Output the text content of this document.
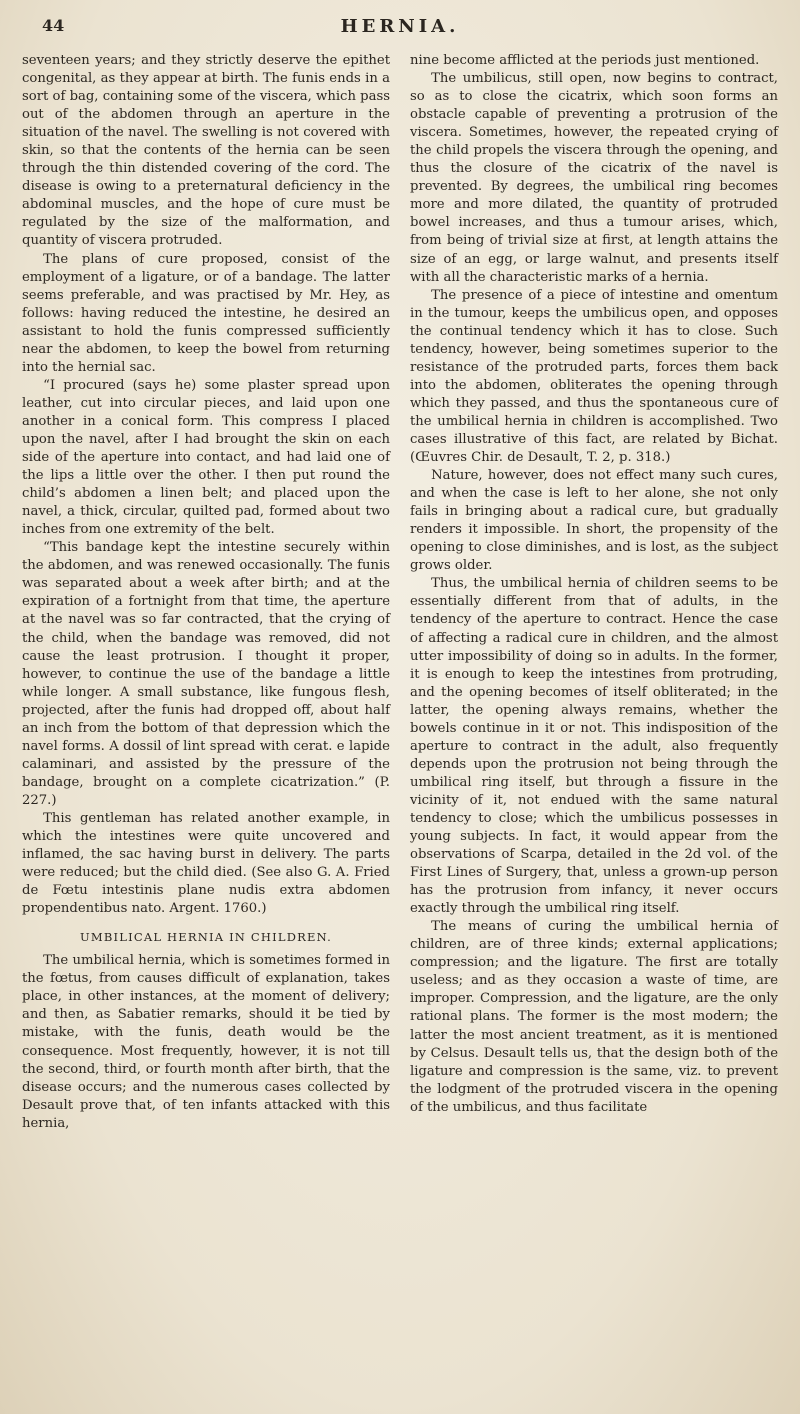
44	HERNIA.

seventeen years; and they strictly deserve the epithet congenital, as they appear at birth. The funis ends in a sort of bag, containing some of the viscera, which pass out of the abdomen through an aperture in the situation of the navel. The swelling is not covered with skin, so that the contents of the hernia can be seen through the thin distended covering of the cord. The disease is owing to a preternatural deficiency in the abdominal muscles, and the hope of cure must be regulated by the size of the malformation, and quantity of viscera protruded.

The plans of cure proposed, consist of the employment of a ligature, or of a bandage. The latter seems preferable, and was practised by Mr. Hey, as follows: having reduced the intestine, he desired an assistant to hold the funis compressed sufficiently near the abdomen, to keep the bowel from returning into the hernial sac.

“I procured (says he) some plaster spread upon leather, cut into circular pieces, and laid upon one another in a conical form. This compress I placed upon the navel, after I had brought the skin on each side of the aperture into contact, and had laid one of the lips a little over the other. I then put round the child’s abdomen a linen belt; and placed upon the navel, a thick, circular, quilted pad, formed about two inches from one extremity of the belt.

“This bandage kept the intestine securely within the abdomen, and was renewed occasionally. The funis was separated about a week after birth; and at the expiration of a fortnight from that time, the aperture at the navel was so far contracted, that the crying of the child, when the bandage was removed, did not cause the least protrusion. I thought it proper, however, to continue the use of the bandage a little while longer. A small substance, like fungous flesh, projected, after the funis had dropped off, about half an inch from the bottom of that depression which the navel forms. A dossil of lint spread with cerat. e lapide calaminari, and assisted by the pressure of the bandage, brought on a complete cicatrization.” (P. 227.)

This gentleman has related another example, in which the intestines were quite uncovered and inflamed, the sac having burst in delivery. The parts were reduced; but the child died. (See also G. A. Fried de Fœtu intestinis plane nudis extra abdomen propendentibus nato. Argent. 1760.)

UMBILICAL HERNIA IN CHILDREN.

The umbilical hernia, which is sometimes formed in the fœtus, from causes difficult of explanation, takes place, in other instances, at the moment of delivery; and then, as Sabatier remarks, should it be tied by mistake, with the funis, death would be the consequence. Most frequently, however, it is not till the second, third, or fourth month after birth, that the disease occurs; and the numerous cases collected by Desault prove that, of ten infants attacked with this hernia,

nine become afflicted at the periods just mentioned.

The umbilicus, still open, now begins to contract, so as to close the cicatrix, which soon forms an obstacle capable of preventing a protrusion of the viscera. Sometimes, however, the repeated crying of the child propels the viscera through the opening, and thus the closure of the cicatrix of the navel is prevented. By degrees, the umbilical ring becomes more and more dilated, the quantity of protruded bowel increases, and thus a tumour arises, which, from being of trivial size at first, at length attains the size of an egg, or large walnut, and presents itself with all the characteristic marks of a hernia.

The presence of a piece of intestine and omentum in the tumour, keeps the umbilicus open, and opposes the continual tendency which it has to close. Such tendency, however, being sometimes superior to the resistance of the protruded parts, forces them back into the abdomen, obliterates the opening through which they passed, and thus the spontaneous cure of the umbilical hernia in children is accomplished. Two cases illustrative of this fact, are related by Bichat. (Œuvres Chir. de Desault, T. 2, p. 318.)

Nature, however, does not effect many such cures, and when the case is left to her alone, she not only fails in bringing about a radical cure, but gradually renders it impossible. In short, the propensity of the opening to close diminishes, and is lost, as the subject grows older.

Thus, the umbilical hernia of children seems to be essentially different from that of adults, in the tendency of the aperture to contract. Hence the case of affecting a radical cure in children, and the almost utter impossibility of doing so in adults. In the former, it is enough to keep the intestines from protruding, and the opening becomes of itself obliterated; in the latter, the opening always remains, whether the bowels continue in it or not. This indisposition of the aperture to contract in the adult, also frequently depends upon the protrusion not being through the umbilical ring itself, but through a fissure in the vicinity of it, not endued with the same natural tendency to close; which the umbilicus possesses in young subjects. In fact, it would appear from the observations of Scarpa, detailed in the 2d vol. of the First Lines of Surgery, that, unless a grown-up person has the protrusion from infancy, it never occurs exactly through the umbilical ring itself.

The means of curing the umbilical hernia of children, are of three kinds; external applications; compression; and the ligature. The first are totally useless; and as they occasion a waste of time, are improper. Compression, and the ligature, are the only rational plans. The former is the most modern; the latter the most ancient treatment, as it is mentioned by Celsus. Desault tells us, that the design both of the ligature and compression is the same, viz. to prevent the lodgment of the protruded viscera in the opening of the umbilicus, and thus facilitate
